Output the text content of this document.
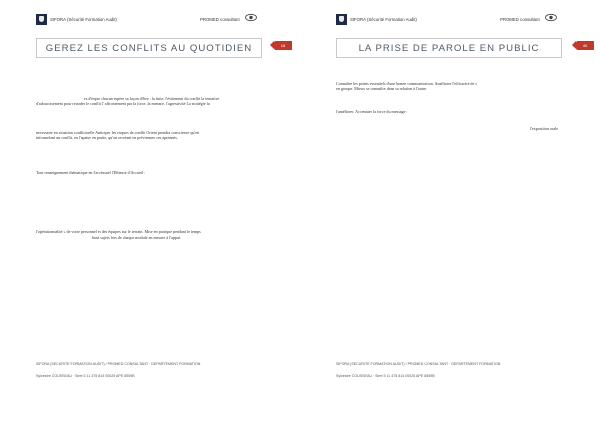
SIFORA (Sécurité Formation Audit)	PROMED consultant
GEREZ LES CONFLITS AU QUOTIDIEN	18
es d'ïeque chacun espère sa façon d'être : la fuite, l'évitement du conflit la tentative
d'adoucissement pour retarder le conflit l' affrontement par la force, la menace, l'agressivité La stratégie la
necessaire en situation conflictuelle Anticiper les risques de conflit Orient prendra conscience qu'en
informelant un conflit, en l'apaise en partie, qu'on recréant en préviennes ces aprennés.
Tout renseignement thématique en l'accéssuel l'Hôtesse d'Accueil :
l'opérationnalité » de votre personnel et des équipes sur le terrain. Mise en pratique pendant le temps
basé sujets lors de chaque module en mesure à l'appui.
SIFORA (SECURITE FORMATION AUDIT) / PROMED CONSULTANT · DEPARTEMENT FORMATION
Sylvestre COUSSEAU · Siret 5 11 475 814 00025 APE 8559B
SIFORA (Sécurité Formation Audit)	PROMED consultant
LA PRISE DE PAROLE EN PUBLIC	40
Connaître les points essentiels d'une bonne communication. Améliorer l'efficacité de s
en groupe. Mieux se connaître dans sa relation à l'autre.
l'améliorer. Accentuer la force du message :
l'exposition orale
SIFORA (SECURITE FORMATION AUDIT) / PROMED CONSULTANT · DEPARTEMENT FORMATION
Sylvestre COUSSEAU · Siret 5 11 475 814 00025 APE 8559B
